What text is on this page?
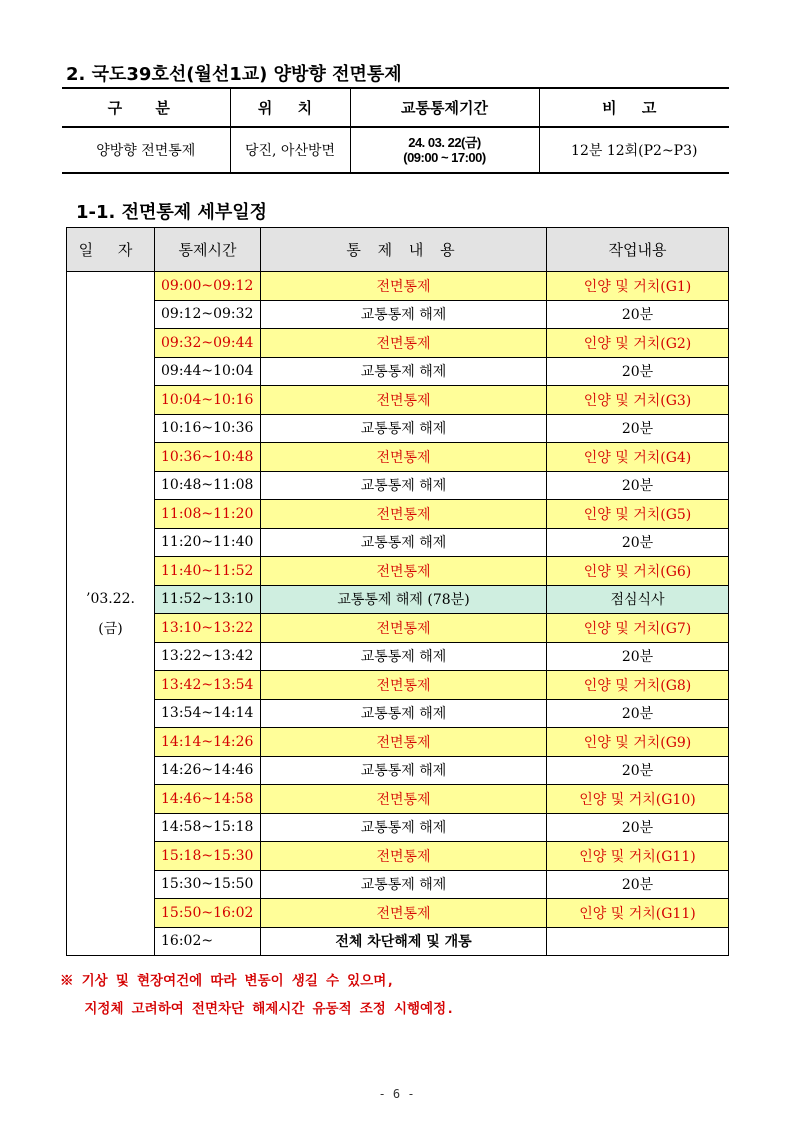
2. 국도39호선(월선1교) 양방향 전면통제
구 분	위 치	교통통제기간	비 고
양방향 전면통제	당진, 아산방면	24. 03. 22(금)
(09:00 ~ 17:00)	12분 12회(P2~P3)
1-1. 전면통제 세부일정
일 자	통제시간	통 제 내 용	작업내용

’03.22.
(금)	09:00~09:12	전면통제	인양 및 거치(G1)
	09:12~09:32	교통통제 해제	20분
	09:32~09:44	전면통제	인양 및 거치(G2)
	09:44~10:04	교통통제 해제	20분
	10:04~10:16	전면통제	인양 및 거치(G3)
	10:16~10:36	교통통제 해제	20분
	10:36~10:48	전면통제	인양 및 거치(G4)
	10:48~11:08	교통통제 해제	20분
	11:08~11:20	전면통제	인양 및 거치(G5)
	11:20~11:40	교통통제 해제	20분
	11:40~11:52	전면통제	인양 및 거치(G6)
	11:52~13:10	교통통제 해제 (78분)	점심식사
	13:10~13:22	전면통제	인양 및 거치(G7)
	13:22~13:42	교통통제 해제	20분
	13:42~13:54	전면통제	인양 및 거치(G8)
	13:54~14:14	교통통제 해제	20분
	14:14~14:26	전면통제	인양 및 거치(G9)
	14:26~14:46	교통통제 해제	20분
	14:46~14:58	전면통제	인양 및 거치(G10)
	14:58~15:18	교통통제 해제	20분
	15:18~15:30	전면통제	인양 및 거치(G11)
	15:30~15:50	교통통제 해제	20분
	15:50~16:02	전면통제	인양 및 거치(G11)
	16:02~	전체 차단해제 및 개통	
※ 기상 및 현장여건에 따라 변동이 생길 수 있으며,
지정체 고려하여 전면차단 해제시간 유동적 조정 시행예정.
- 6 -
